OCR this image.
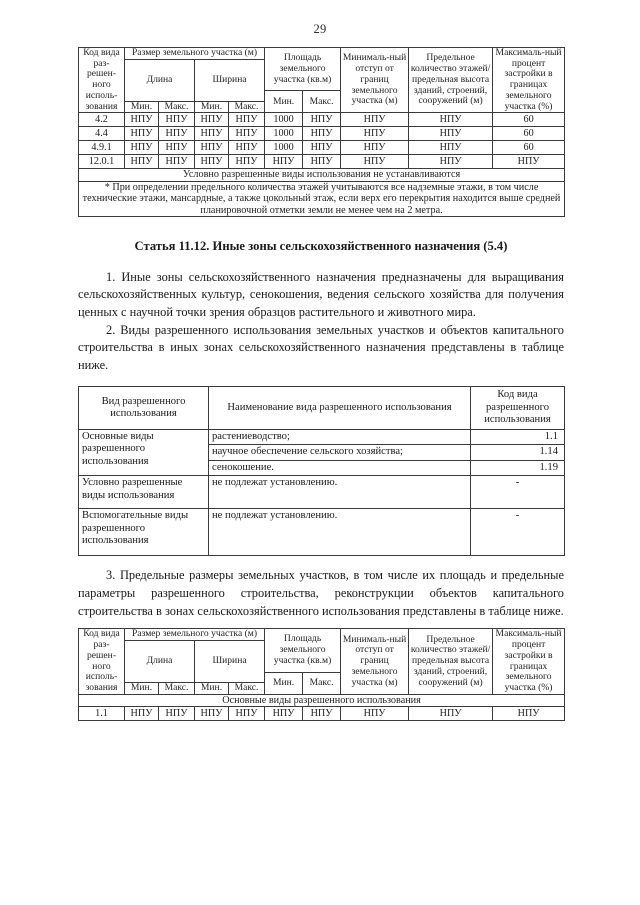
29
Код вида раз-решен-ного исполь-зования	Размер земельного участка (м)				Площадь земельного участка (кв.м)		Минималь-ный отступ от границ земельного участка (м)	Предельное количество этажей/ предельная высота зданий, строений, сооружений (м)	Максималь-ный процент застройки в границах земельного участка (%)
	Длина		Ширина						
					Мин.	Макс.			
	Мин.	Макс.	Мин.	Макс.					
4.2	НПУ	НПУ	НПУ	НПУ	1000	НПУ	НПУ	НПУ	60
4.4	НПУ	НПУ	НПУ	НПУ	1000	НПУ	НПУ	НПУ	60
4.9.1	НПУ	НПУ	НПУ	НПУ	1000	НПУ	НПУ	НПУ	60
12.0.1	НПУ	НПУ	НПУ	НПУ	НПУ	НПУ	НПУ	НПУ	НПУ
Условно разрешенные виды использования не устанавливаются									
* При определении предельного количества этажей учитываются все надземные этажи, в том числе технические этажи, мансардные, а также цокольный этаж, если верх его перекрытия находится выше средней планировочной отметки земли не менее чем на 2 метра.									
Статья 11.12. Иные зоны сельскохозяйственного назначения (5.4)

1. Иные зоны сельскохозяйственного назначения предназначены для выращивания сельскохозяйственных культур, сенокошения, ведения сельского хозяйства для получения ценных с научной точки зрения образцов растительного и животного мира.

2. Виды разрешенного использования земельных участков и объектов капитального строительства в иных зонах сельскохозяйственного назначения представлены в таблице ниже.

Вид разрешенного использования	Наименование вида разрешенного использования	Код вида разрешенного использования
Основные виды разрешенного использования	растениеводство;	1.1
	научное обеспечение сельского хозяйства;	1.14
	сенокошение.	1.19
Условно разрешенные виды использования	не подлежат установлению.	-
Вспомогательные виды разрешенного использования	не подлежат установлению.	-

3. Предельные размеры земельных участков, в том числе их площадь и предельные параметры разрешенного строительства, реконструкции объектов капитального строительства в зонах сельскохозяйственного использования представлены в таблице ниже.

Код вида раз-решен-ного исполь-зования	Размер земельного участка (м)				Площадь земельного участка (кв.м)		Минималь-ный отступ от границ земельного участка (м)	Предельное количество этажей/ предельная высота зданий, строений, сооружений (м)	Максималь-ный процент застройки в границах земельного участка (%)
	Длина		Ширина						
					Мин.	Макс.			
	Мин.	Макс.	Мин.	Макс.					
Основные виды разрешенного использования									
1.1	НПУ	НПУ	НПУ	НПУ	НПУ	НПУ	НПУ	НПУ	НПУ
